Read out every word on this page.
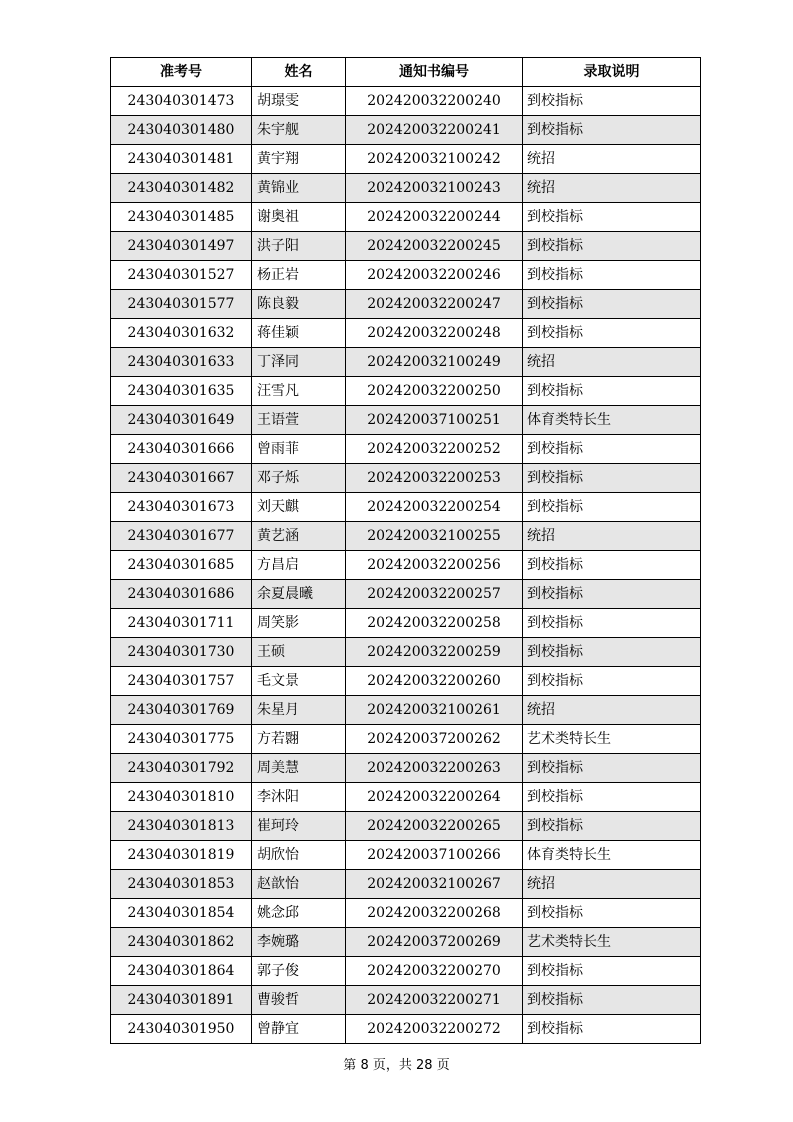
准考号	姓名	通知书编号	录取说明
243040301473	胡璟雯	202420032200240	到校指标
243040301480	朱宇舰	202420032200241	到校指标
243040301481	黄宇翔	202420032100242	统招
243040301482	黄锦业	202420032100243	统招
243040301485	谢奥祖	202420032200244	到校指标
243040301497	洪子阳	202420032200245	到校指标
243040301527	杨正岩	202420032200246	到校指标
243040301577	陈良毅	202420032200247	到校指标
243040301632	蒋佳颖	202420032200248	到校指标
243040301633	丁泽同	202420032100249	统招
243040301635	汪雪凡	202420032200250	到校指标
243040301649	王语萱	202420037100251	体育类特长生
243040301666	曾雨菲	202420032200252	到校指标
243040301667	邓子烁	202420032200253	到校指标
243040301673	刘天麒	202420032200254	到校指标
243040301677	黄艺涵	202420032100255	统招
243040301685	方昌启	202420032200256	到校指标
243040301686	余夏晨曦	202420032200257	到校指标
243040301711	周笑影	202420032200258	到校指标
243040301730	王硕	202420032200259	到校指标
243040301757	毛文景	202420032200260	到校指标
243040301769	朱星月	202420032100261	统招
243040301775	方若翾	202420037200262	艺术类特长生
243040301792	周美慧	202420032200263	到校指标
243040301810	李沐阳	202420032200264	到校指标
243040301813	崔珂玲	202420032200265	到校指标
243040301819	胡欣怡	202420037100266	体育类特长生
243040301853	赵歆怡	202420032100267	统招
243040301854	姚念邱	202420032200268	到校指标
243040301862	李婉璐	202420037200269	艺术类特长生
243040301864	郭子俊	202420032200270	到校指标
243040301891	曹骏哲	202420032200271	到校指标
243040301950	曾静宜	202420032200272	到校指标
第 8 页，共 28 页
